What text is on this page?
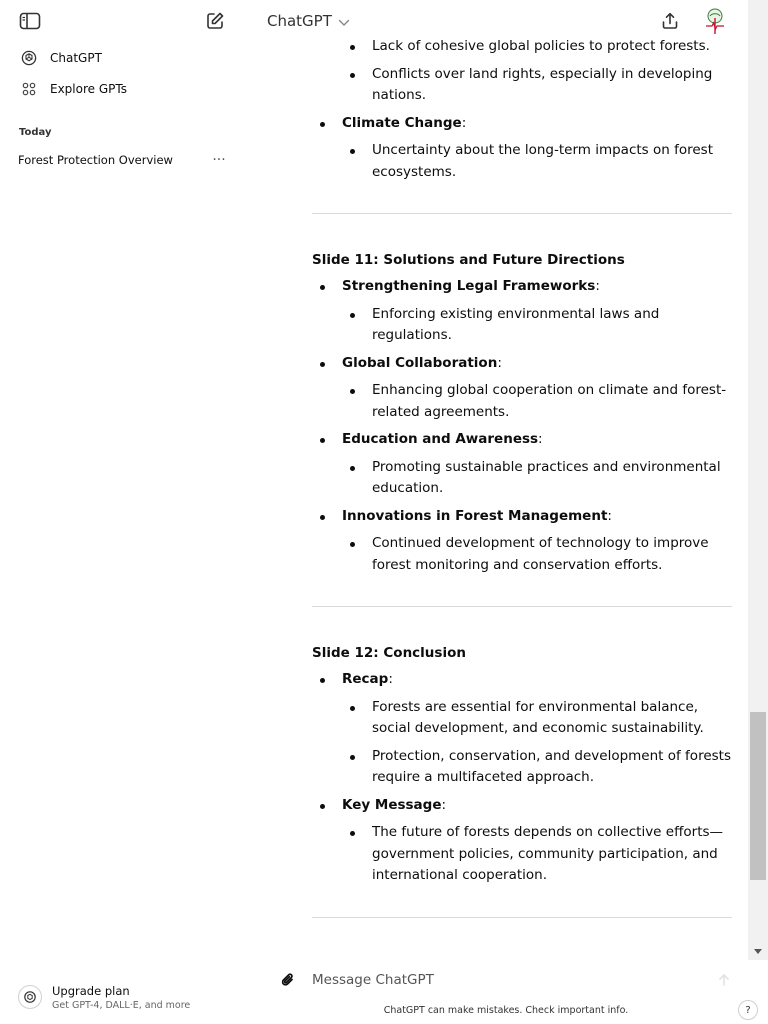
ChatGPT
Explore GPTs
Today
Forest Protection Overview	···
Upgrade plan
Get GPT-4, DALL·E, and more
ChatGPT
Lack of cohesive global policies to protect forests.
Conflicts over land rights, especially in developing nations.
Climate Change:
Uncertainty about the long-term impacts on forest ecosystems.
Slide 11: Solutions and Future Directions
Strengthening Legal Frameworks:
Enforcing existing environmental laws and regulations.
Global Collaboration:
Enhancing global cooperation on climate and forest-related agreements.
Education and Awareness:
Promoting sustainable practices and environmental education.
Innovations in Forest Management:
Continued development of technology to improve forest monitoring and conservation efforts.
Slide 12: Conclusion
Recap:
Forests are essential for environmental balance, social development, and economic sustainability.
Protection, conservation, and development of forests require a multifaceted approach.
Key Message:
The future of forests depends on collective efforts—government policies, community participation, and international cooperation.
Message ChatGPT
ChatGPT can make mistakes. Check important info.	?
